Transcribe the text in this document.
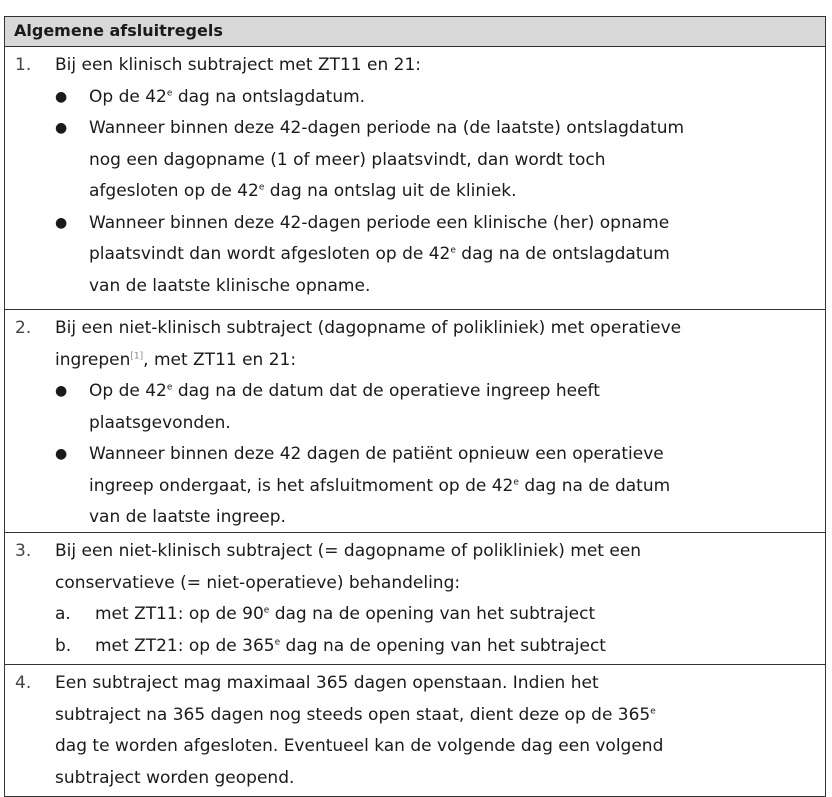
Algemene afsluitregels
1.	Bij een klinisch subtraject met ZT11 en 21:
●	Op de 42e dag na ontslagdatum.
●	Wanneer binnen deze 42-dagen periode na (de laatste) ontslagdatum
nog een dagopname (1 of meer) plaatsvindt, dan wordt toch
afgesloten op de 42e dag na ontslag uit de kliniek.
●	Wanneer binnen deze 42-dagen periode een klinische (her) opname
plaatsvindt dan wordt afgesloten op de 42e dag na de ontslagdatum
van de laatste klinische opname.
2.	Bij een niet-klinisch subtraject (dagopname of polikliniek) met operatieve
ingrepen[1], met ZT11 en 21:
●	Op de 42e dag na de datum dat de operatieve ingreep heeft
plaatsgevonden.
●	Wanneer binnen deze 42 dagen de patiënt opnieuw een operatieve
ingreep ondergaat, is het afsluitmoment op de 42e dag na de datum
van de laatste ingreep.
3.	Bij een niet-klinisch subtraject (= dagopname of polikliniek) met een
conservatieve (= niet-operatieve) behandeling:
a.	met ZT11: op de 90e dag na de opening van het subtraject
b.	met ZT21: op de 365e dag na de opening van het subtraject
4.	Een subtraject mag maximaal 365 dagen openstaan. Indien het
subtraject na 365 dagen nog steeds open staat, dient deze op de 365e
dag te worden afgesloten. Eventueel kan de volgende dag een volgend
subtraject worden geopend.
